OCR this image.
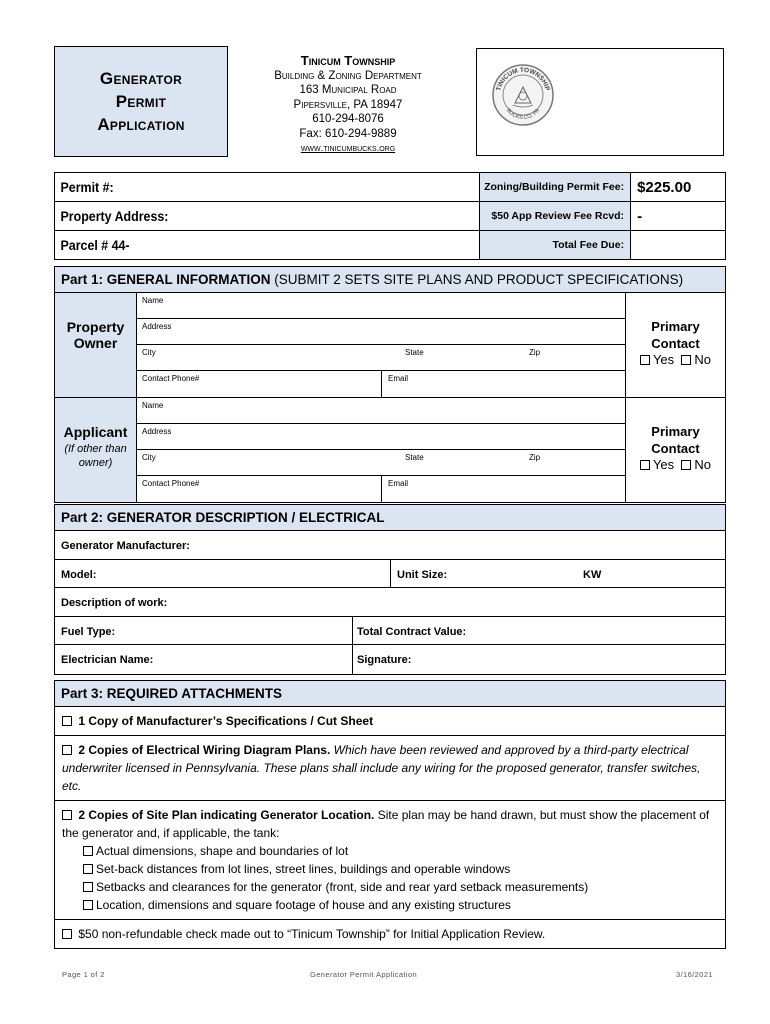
Generator
Permit
Application
Tinicum Township
Building & Zoning Department
163 Municipal Road
Pipersville, PA 18947
610-294-8076
Fax: 610-294-9889
www.tinicumbucks.org
TINICUM TOWNSHIP
BUCKS CO. PA
Permit #:	Zoning/Building Permit Fee:	$225.00

Property Address:	$50 App Review Fee Rcvd:	-

Parcel # 44-	Total Fee Due:	
Part 1: GENERAL INFORMATION (SUBMIT 2 SETS SITE PLANS AND PRODUCT SPECIFICATIONS)
Property Owner
Name
Address
City	State	Zip
Contact Phone#	Email
Primary Contact
Yes No
Applicant
(If other than owner)
Name
Address
City	State	Zip
Contact Phone#	Email
Primary Contact
Yes No
Part 2: GENERATOR DESCRIPTION / ELECTRICAL
Generator Manufacturer:
Model:	Unit Size:	KW
Description of work:
Fuel Type:	Total Contract Value:
Electrician Name:	Signature:
Part 3: REQUIRED ATTACHMENTS
1 Copy of Manufacturer’s Specifications / Cut Sheet
2 Copies of Electrical Wiring Diagram Plans. Which have been reviewed and approved by a third-party electrical underwriter licensed in Pennsylvania. These plans shall include any wiring for the proposed generator, transfer switches, etc.
2 Copies of Site Plan indicating Generator Location. Site plan may be hand drawn, but must show the placement of the generator and, if applicable, the tank:
Actual dimensions, shape and boundaries of lot
Set-back distances from lot lines, street lines, buildings and operable windows
Setbacks and clearances for the generator (front, side and rear yard setback measurements)
Location, dimensions and square footage of house and any existing structures
$50 non-refundable check made out to “Tinicum Township” for Initial Application Review.
Page 1 of 2	Generator Permit Application	3/16/2021
